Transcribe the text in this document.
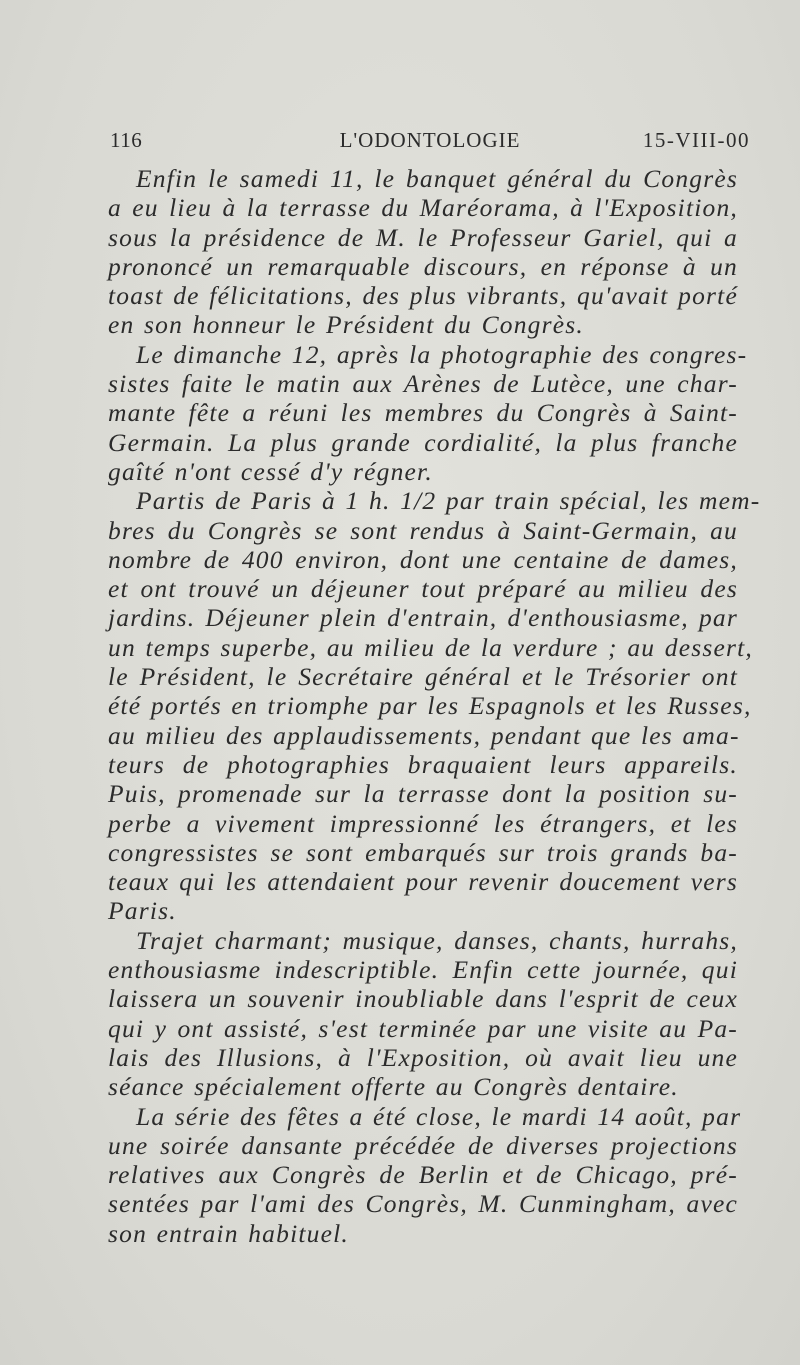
116	L'ODONTOLOGIE	15-VIII-00
Enfin le samedi 11, le banquet général du Congrès
a eu lieu à la terrasse du Maréorama, à l'Exposition,
sous la présidence de M. le Professeur Gariel, qui a
prononcé un remarquable discours, en réponse à un
toast de félicitations, des plus vibrants, qu'avait porté
en son honneur le Président du Congrès.
Le dimanche 12, après la photographie des congres-
sistes faite le matin aux Arènes de Lutèce, une char-
mante fête a réuni les membres du Congrès à Saint-
Germain. La plus grande cordialité, la plus franche
gaîté n'ont cessé d'y régner.
Partis de Paris à 1 h. 1/2 par train spécial, les mem-
bres du Congrès se sont rendus à Saint-Germain, au
nombre de 400 environ, dont une centaine de dames,
et ont trouvé un déjeuner tout préparé au milieu des
jardins. Déjeuner plein d'entrain, d'enthousiasme, par
un temps superbe, au milieu de la verdure ; au dessert,
le Président, le Secrétaire général et le Trésorier ont
été portés en triomphe par les Espagnols et les Russes,
au milieu des applaudissements, pendant que les ama-
teurs de photographies braquaient leurs appareils.
Puis, promenade sur la terrasse dont la position su-
perbe a vivement impressionné les étrangers, et les
congressistes se sont embarqués sur trois grands ba-
teaux qui les attendaient pour revenir doucement vers
Paris.
Trajet charmant; musique, danses, chants, hurrahs,
enthousiasme indescriptible. Enfin cette journée, qui
laissera un souvenir inoubliable dans l'esprit de ceux
qui y ont assisté, s'est terminée par une visite au Pa-
lais des Illusions, à l'Exposition, où avait lieu une
séance spécialement offerte au Congrès dentaire.
La série des fêtes a été close, le mardi 14 août, par
une soirée dansante précédée de diverses projections
relatives aux Congrès de Berlin et de Chicago, pré-
sentées par l'ami des Congrès, M. Cunmingham, avec
son entrain habituel.
